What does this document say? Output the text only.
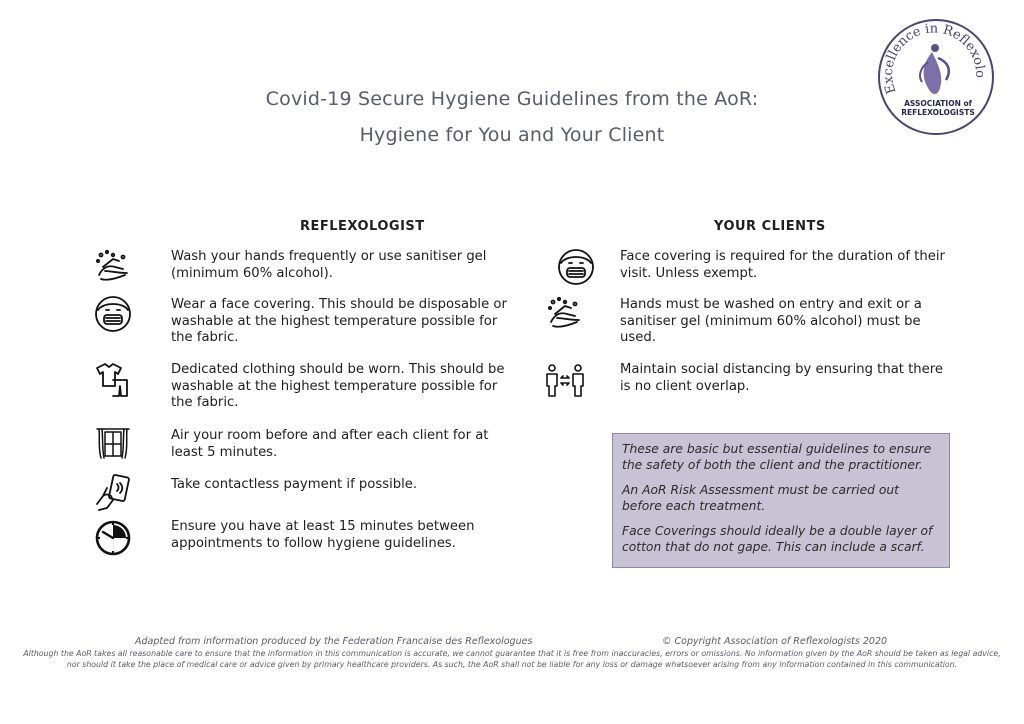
Covid-19 Secure Hygiene Guidelines from the AoR:
Hygiene for You and Your Client
Excellence in Reflexology
ASSOCIATION of
REFLEXOLOGISTS
REFLEXOLOGIST	YOUR CLIENTS
Wash your hands frequently or use sanitiser gel (minimum 60% alcohol).
Wear a face covering. This should be disposable or washable at the highest temperature possible for the fabric.
Dedicated clothing should be worn. This should be washable at the highest temperature possible for the fabric.
Air your room before and after each client for at least 5 minutes.
Take contactless payment if possible.
Ensure you have at least 15 minutes between appointments to follow hygiene guidelines.
Face covering is required for the duration of their visit. Unless exempt.
Hands must be washed on entry and exit or a sanitiser gel (minimum 60% alcohol) must be used.
Maintain social distancing by ensuring that there is no client overlap.

These are basic but essential guidelines to ensure the safety of both the client and the practitioner.

An AoR Risk Assessment must be carried out before each treatment.

Face Coverings should ideally be a double layer of cotton that do not gape. This can include a scarf.

Adapted from information produced by the Federation Francaise des Reflexologues	© Copyright Association of Reflexologists 2020
Although the AoR takes all reasonable care to ensure that the information in this communication is accurate, we cannot guarantee that it is free from inaccuracies, errors or omissions. No information given by the AoR should be taken as legal advice, nor should it take the place of medical care or advice given by primary healthcare providers. As such, the AoR shall not be liable for any loss or damage whatsoever arising from any information contained in this communication.
